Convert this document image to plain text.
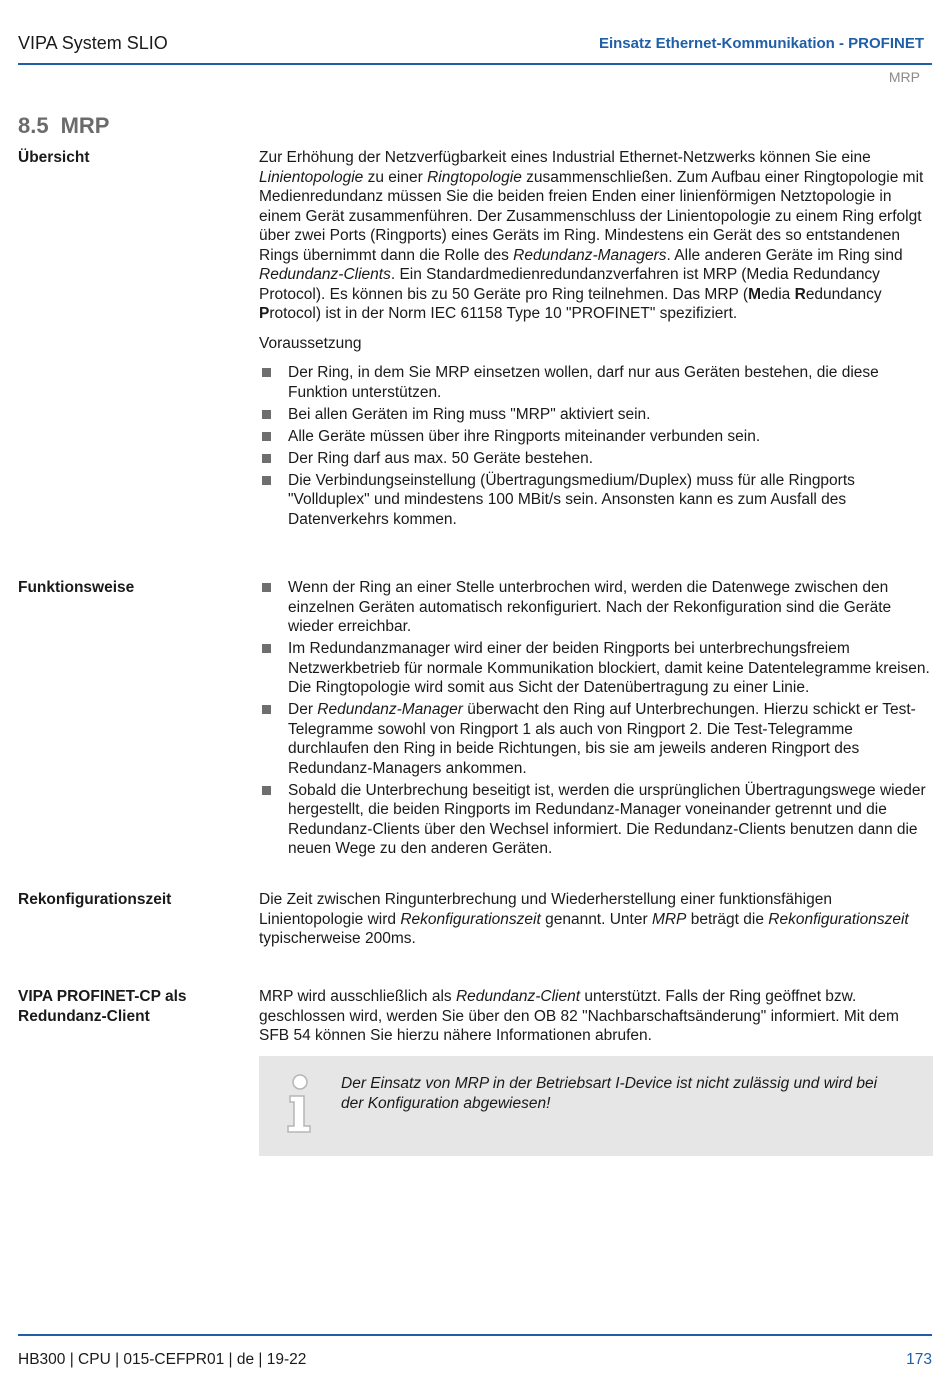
VIPA System SLIO	Einsatz Ethernet-Kommunikation - PROFINET
MRP
8.5 MRP
Übersicht	Zur Erhöhung der Netzverfügbarkeit eines Industrial Ethernet-Netzwerks können Sie eine Linientopologie zu einer Ringtopologie zusammenschließen. Zum Aufbau einer Ringtopologie mit Medienredundanz müssen Sie die beiden freien Enden einer linienförmigen Netztopologie in einem Gerät zusammenführen. Der Zusammenschluss der Linientopologie zu einem Ring erfolgt über zwei Ports (Ringports) eines Geräts im Ring. Mindestens ein Gerät des so entstandenen Rings übernimmt dann die Rolle des Redundanz-Managers. Alle anderen Geräte im Ring sind Redundanz-Clients. Ein Standardmedienredundanzverfahren ist MRP (Media Redundancy Protocol). Es können bis zu 50 Geräte pro Ring teilnehmen. Das MRP (Media Redundancy Protocol) ist in der Norm IEC 61158 Type 10 "PROFINET" spezifiziert.

Voraussetzung

Der Ring, in dem Sie MRP einsetzen wollen, darf nur aus Geräten bestehen, die diese Funktion unterstützen.
Bei allen Geräten im Ring muss "MRP" aktiviert sein.
Alle Geräte müssen über ihre Ringports miteinander verbunden sein.
Der Ring darf aus max. 50 Geräte bestehen.
Die Verbindungseinstellung (Übertragungsmedium/Duplex) muss für alle Ringports "Vollduplex" und mindestens 100 MBit/s sein. Ansonsten kann es zum Ausfall des Datenverkehrs kommen.
Funktionsweise	Wenn der Ring an einer Stelle unterbrochen wird, werden die Datenwege zwischen den einzelnen Geräten automatisch rekonfiguriert. Nach der Rekonfiguration sind die Geräte wieder erreichbar.
Im Redundanzmanager wird einer der beiden Ringports bei unterbrechungsfreiem Netzwerkbetrieb für normale Kommunikation blockiert, damit keine Datentelegramme kreisen. Die Ringtopologie wird somit aus Sicht der Datenübertragung zu einer Linie.
Der Redundanz-Manager überwacht den Ring auf Unterbrechungen. Hierzu schickt er Test-Telegramme sowohl von Ringport 1 als auch von Ringport 2. Die Test-Telegramme durchlaufen den Ring in beide Richtungen, bis sie am jeweils anderen Ringport des Redundanz-Managers ankommen.
Sobald die Unterbrechung beseitigt ist, werden die ursprünglichen Übertragungswege wieder hergestellt, die beiden Ringports im Redundanz-Manager voneinander getrennt und die Redundanz-Clients über den Wechsel informiert. Die Redundanz-Clients benutzen dann die neuen Wege zu den anderen Geräten.
Rekonfigurationszeit	Die Zeit zwischen Ringunterbrechung und Wiederherstellung einer funktionsfähigen Linientopologie wird Rekonfigurationszeit genannt. Unter MRP beträgt die Rekonfigurationszeit typischerweise 200ms.

VIPA PROFINET-CP als
Redundanz-Client

MRP wird ausschließlich als Redundanz-Client unterstützt. Falls der Ring geöffnet bzw. geschlossen wird, werden Sie über den OB 82 "Nachbarschaftsänderung" informiert. Mit dem SFB 54 können Sie hierzu nähere Informationen abrufen.

Der Einsatz von MRP in der Betriebsart I-Device ist nicht zulässig und wird bei der Konfiguration abgewiesen!
HB300 | CPU | 015-CEFPR01 | de | 19-22	173
